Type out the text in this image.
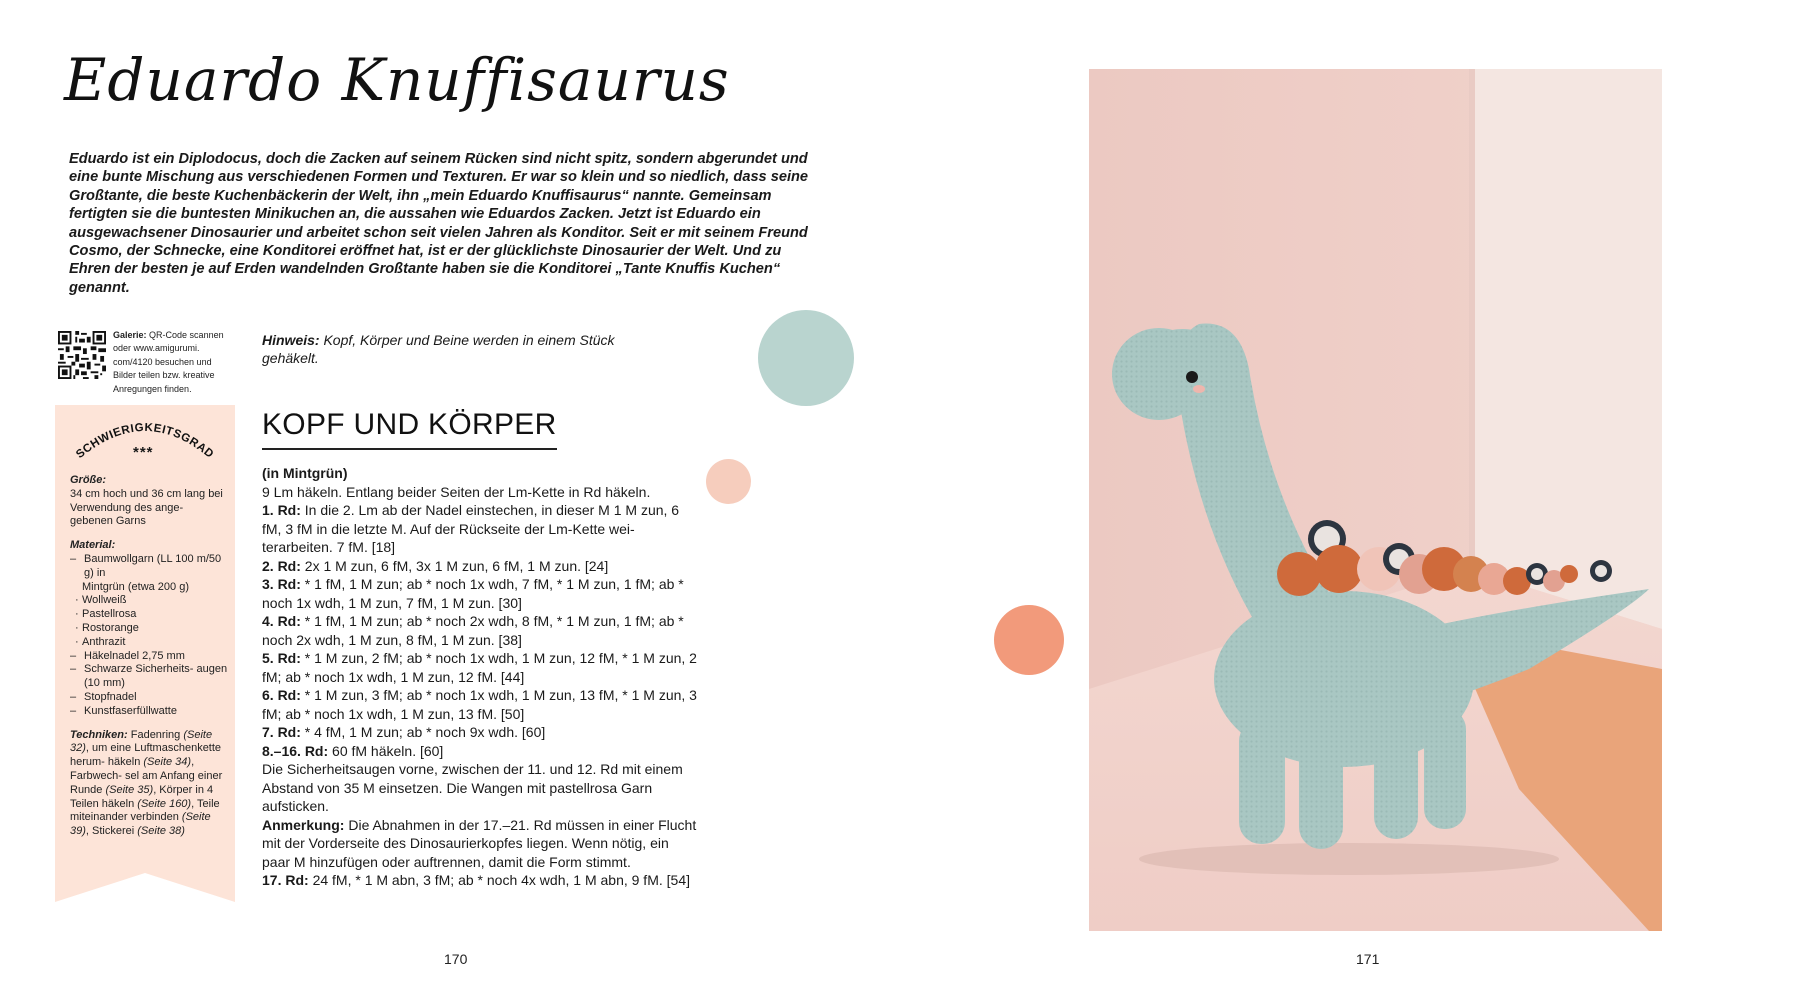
Eduardo Knuffisaurus
Eduardo ist ein Diplodocus, doch die Zacken auf seinem Rücken sind nicht spitz, sondern abgerundet und eine bunte Mischung aus verschiedenen Formen und Texturen. Er war so klein und so niedlich, dass seine Großtante, die beste Kuchenbäckerin der Welt, ihn „mein Eduardo Knuffisaurus“ nannte. Gemeinsam fertigten sie die buntesten Minikuchen an, die aussahen wie Eduardos Zacken. Jetzt ist Eduardo ein ausgewachsener Dinosaurier und arbeitet schon seit vielen Jahren als Konditor. Seit er mit seinem Freund Cosmo, der Schnecke, eine Konditorei eröffnet hat, ist er der glücklichste Dinosaurier der Welt. Und zu Ehren der besten je auf Erden wandelnden Großtante haben sie die Konditorei „Tante Knuffis Kuchen“ genannt.
Galerie: QR-Code scannen oder www.amigurumi. com/4120 besuchen und Bilder teilen bzw. kreative Anregungen finden.
SCHWIERIGKEITSGRAD
***
Größe:
34 cm hoch und 36 cm lang bei Verwendung des ange- gebenen Garns
Material:
– Baumwollgarn (LL 100 m/50 g) in
Mintgrün (etwa 200 g)
· Wollweiß
· Pastellrosa
· Rostorange
· Anthrazit
– Häkelnadel 2,75 mm
– Schwarze Sicherheits- augen (10 mm)
– Stopfnadel
– Kunstfaserfüllwatte
Techniken: Fadenring (Seite 32), um eine Luftmaschenkette herum- häkeln (Seite 34), Farbwech- sel am Anfang einer Runde (Seite 35), Körper in 4 Teilen häkeln (Seite 160), Teile miteinander verbinden (Seite 39), Stickerei (Seite 38)
Hinweis: Kopf, Körper und Beine werden in einem Stück gehäkelt.
KOPF UND KÖRPER

(in Mintgrün)

9 Lm häkeln. Entlang beider Seiten der Lm-Kette in Rd häkeln.

1. Rd: In die 2. Lm ab der Nadel einstechen, in dieser M 1 M zun, 6 fM, 3 fM in die letzte M. Auf der Rückseite der Lm-Kette wei- terarbeiten. 7 fM. [18]

2. Rd: 2x 1 M zun, 6 fM, 3x 1 M zun, 6 fM, 1 M zun. [24]

3. Rd: * 1 fM, 1 M zun; ab * noch 1x wdh, 7 fM, * 1 M zun, 1 fM; ab * noch 1x wdh, 1 M zun, 7 fM, 1 M zun. [30]

4. Rd: * 1 fM, 1 M zun; ab * noch 2x wdh, 8 fM, * 1 M zun, 1 fM; ab * noch 2x wdh, 1 M zun, 8 fM, 1 M zun. [38]

5. Rd: * 1 M zun, 2 fM; ab * noch 1x wdh, 1 M zun, 12 fM, * 1 M zun, 2 fM; ab * noch 1x wdh, 1 M zun, 12 fM. [44]

6. Rd: * 1 M zun, 3 fM; ab * noch 1x wdh, 1 M zun, 13 fM, * 1 M zun, 3 fM; ab * noch 1x wdh, 1 M zun, 13 fM. [50]

7. Rd: * 4 fM, 1 M zun; ab * noch 9x wdh. [60]

8.–16. Rd: 60 fM häkeln. [60]

Die Sicherheitsaugen vorne, zwischen der 11. und 12. Rd mit einem Abstand von 35 M einsetzen. Die Wangen mit pastellrosa Garn aufsticken.

Anmerkung: Die Abnahmen in der 17.–21. Rd müssen in einer Flucht mit der Vorderseite des Dinosaurierkopfes liegen. Wenn nötig, ein paar M hinzufügen oder auftrennen, damit die Form stimmt.

17. Rd: 24 fM, * 1 M abn, 3 fM; ab * noch 4x wdh, 1 M abn, 9 fM. [54]

170	171
